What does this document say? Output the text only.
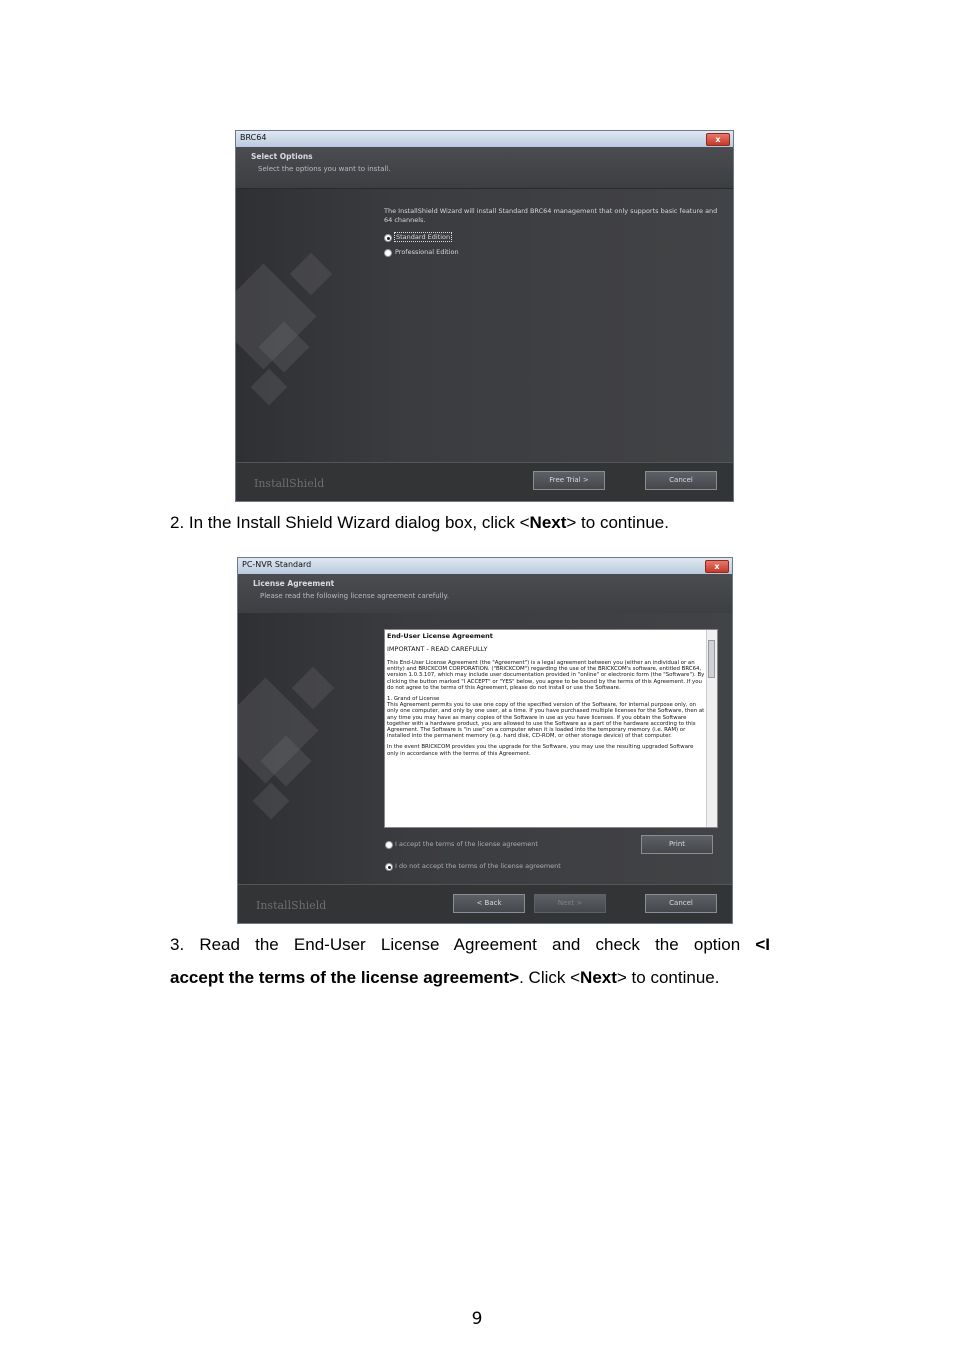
BRC64	x
Select Options
Select the options you want to install.
The InstallShield Wizard will install Standard BRC64 management that only supports basic feature and 64 channels.
Standard Edition
Professional Edition
InstallShield	Free Trial >	Cancel
2. In the Install Shield Wizard dialog box, click <Next> to continue.
PC-NVR Standard	x
License Agreement
Please read the following license agreement carefully.
End-User License Agreement
IMPORTANT - READ CAREFULLY

This End-User License Agreement (the "Agreement") is a legal agreement between you (either an individual or an entity) and BRICKCOM CORPORATION. ("BRICKCOM") regarding the use of the BRICKCOM's software, entitled BRC64, version 1.0.3.107, which may include user documentation provided in "online" or electronic form (the "Software"). By clicking the button marked "I ACCEPT" or "YES" below, you agree to be bound by the terms of this Agreement. If you do not agree to the terms of this Agreement, please do not install or use the Software.

1. Grand of License

This Agreement permits you to use one copy of the specified version of the Software, for internal purpose only, on only one computer, and only by one user, at a time. If you have purchased multiple licenses for the Software, then at any time you may have as many copies of the Software in use as you have licenses. If you obtain the Software together with a hardware product, you are allowed to use the Software as a part of the hardware according to this Agreement. The Software is "in use" on a computer when it is loaded into the temporary memory (i.e. RAM) or installed into the permanent memory (e.g. hard disk, CD-ROM, or other storage device) of that computer.

In the event BRICKCOM provides you the upgrade for the Software, you may use the resulting upgraded Software only in accordance with the terms of this Agreement.

I accept the terms of the license agreement
I do not accept the terms of the license agreement
Print
InstallShield	< Back	Next >	Cancel
3. Read the End-User License Agreement and check the option <I
accept the terms of the license agreement>. Click <Next> to continue.
9
